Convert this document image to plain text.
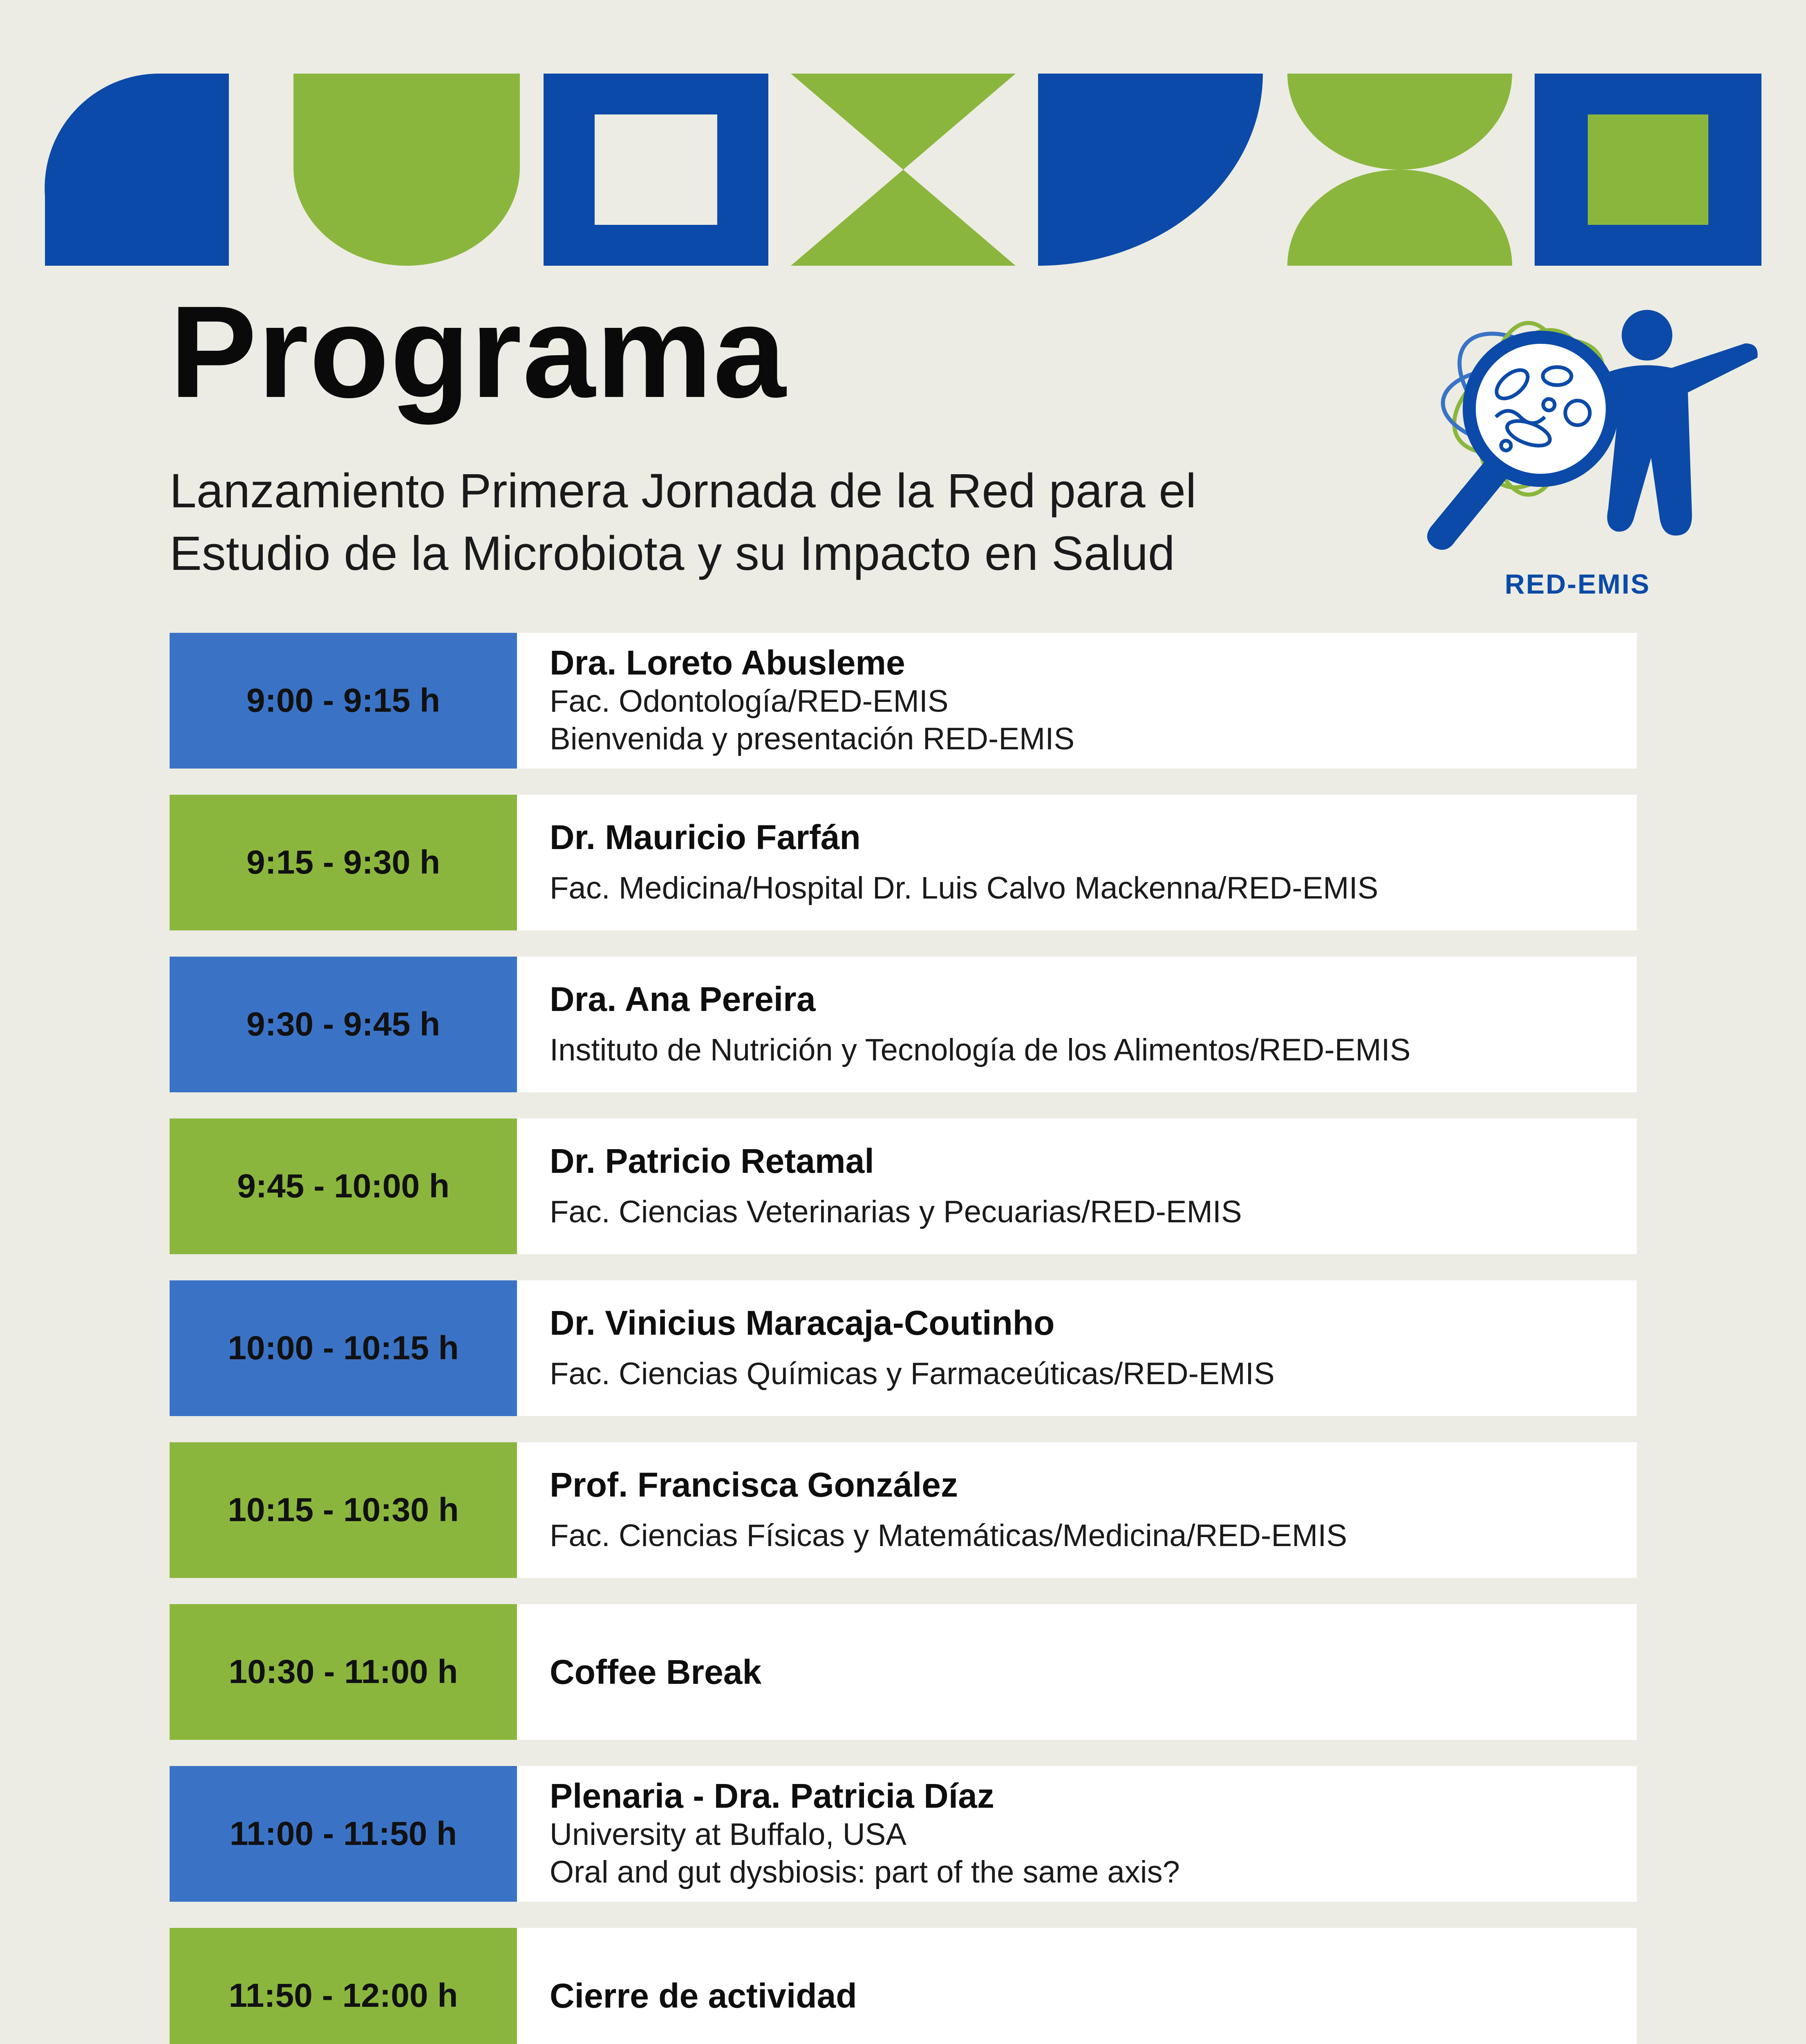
Programa
Lanzamiento Primera Jornada de la Red para el
Estudio de la Microbiota y su Impacto en Salud
RED-EMIS
9:00 - 9:15 h
Dra. Loreto Abusleme
Fac. Odontología/RED-EMIS
Bienvenida y presentación RED-EMIS
9:15 - 9:30 h
Dr. Mauricio Farfán
Fac. Medicina/Hospital Dr. Luis Calvo Mackenna/RED-EMIS
9:30 - 9:45 h
Dra. Ana Pereira
Instituto de Nutrición y Tecnología de los Alimentos/RED-EMIS
9:45 - 10:00 h
Dr. Patricio Retamal
Fac. Ciencias Veterinarias y Pecuarias/RED-EMIS
10:00 - 10:15 h
Dr. Vinicius Maracaja-Coutinho
Fac. Ciencias Químicas y Farmaceúticas/RED-EMIS
10:15 - 10:30 h
Prof. Francisca González
Fac. Ciencias Físicas y Matemáticas/Medicina/RED-EMIS
10:30 - 11:00 h	Coffee Break
11:00 - 11:50 h
Plenaria - Dra. Patricia Díaz
University at Buffalo, USA
Oral and gut dysbiosis: part of the same axis?
11:50 - 12:00 h	Cierre de actividad
